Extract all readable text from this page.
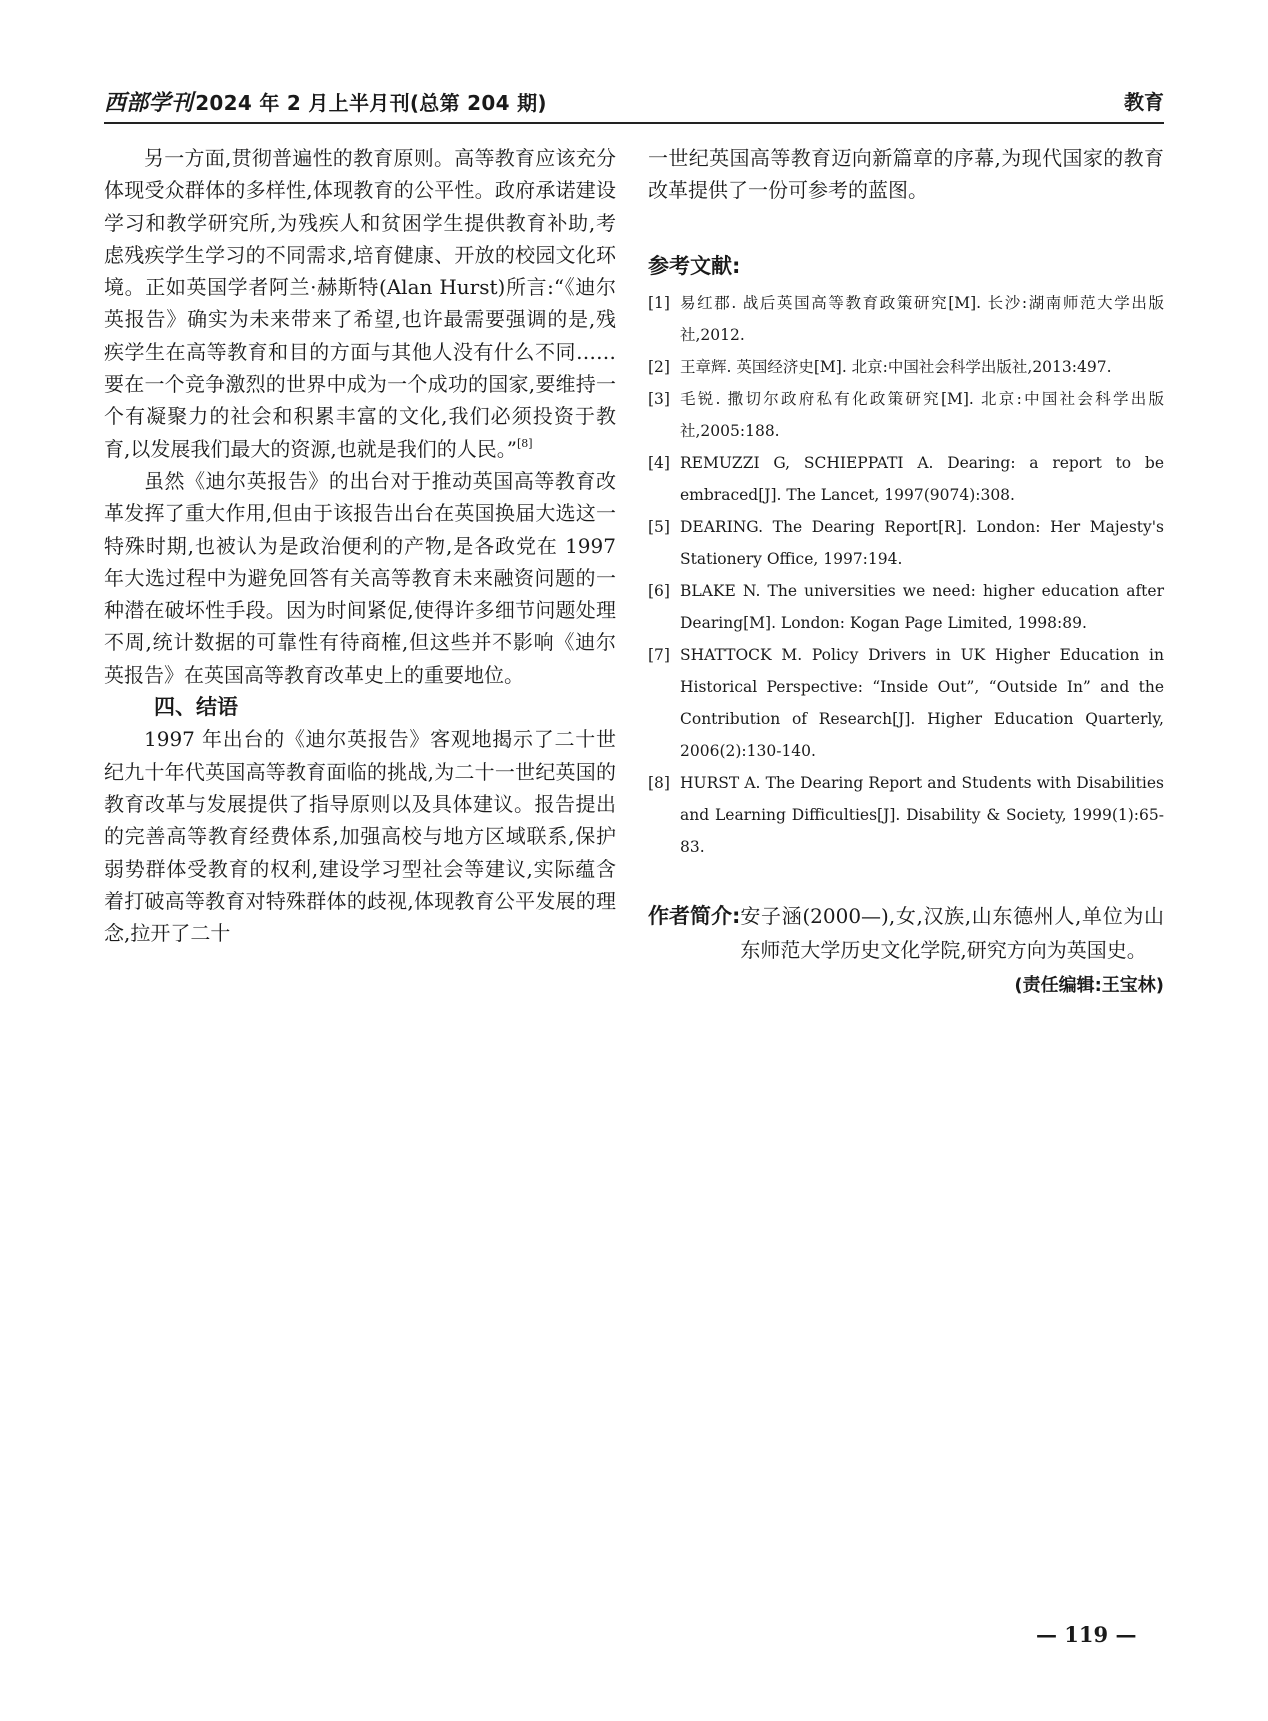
西部学刊 2024 年 2 月上半月刊(总第 204 期)	教育

另一方面,贯彻普遍性的教育原则。高等教育应该充分体现受众群体的多样性,体现教育的公平性。政府承诺建设学习和教学研究所,为残疾人和贫困学生提供教育补助,考虑残疾学生学习的不同需求,培育健康、开放的校园文化环境。正如英国学者阿兰·赫斯特(Alan Hurst)所言:“《迪尔英报告》确实为未来带来了希望,也许最需要强调的是,残疾学生在高等教育和目的方面与其他人没有什么不同……要在一个竞争激烈的世界中成为一个成功的国家,要维持一个有凝聚力的社会和积累丰富的文化,我们必须投资于教育,以发展我们最大的资源,也就是我们的人民。”[8]

虽然《迪尔英报告》的出台对于推动英国高等教育改革发挥了重大作用,但由于该报告出台在英国换届大选这一特殊时期,也被认为是政治便利的产物,是各政党在 1997 年大选过程中为避免回答有关高等教育未来融资问题的一种潜在破坏性手段。因为时间紧促,使得许多细节问题处理不周,统计数据的可靠性有待商榷,但这些并不影响《迪尔英报告》在英国高等教育改革史上的重要地位。

四、结语

1997 年出台的《迪尔英报告》客观地揭示了二十世纪九十年代英国高等教育面临的挑战,为二十一世纪英国的教育改革与发展提供了指导原则以及具体建议。报告提出的完善高等教育经费体系,加强高校与地方区域联系,保护弱势群体受教育的权利,建设学习型社会等建议,实际蕴含着打破高等教育对特殊群体的歧视,体现教育公平发展的理念,拉开了二十

一世纪英国高等教育迈向新篇章的序幕,为现代国家的教育改革提供了一份可参考的蓝图。

参考文献:
[1] 易红郡. 战后英国高等教育政策研究[M]. 长沙:湖南师范大学出版社,2012.
[2] 王章辉. 英国经济史[M]. 北京:中国社会科学出版社,2013:497.
[3] 毛锐. 撒切尔政府私有化政策研究[M]. 北京:中国社会科学出版社,2005:188.
[4] REMUZZI G, SCHIEPPATI A. Dearing: a report to be embraced[J]. The Lancet, 1997(9074):308.
[5] DEARING. The Dearing Report[R]. London: Her Majesty's Stationery Office, 1997:194.
[6] BLAKE N. The universities we need: higher education after Dearing[M]. London: Kogan Page Limited, 1998:89.
[7] SHATTOCK M. Policy Drivers in UK Higher Education in Historical Perspective: “Inside Out”, “Outside In” and the Contribution of Research[J]. Higher Education Quarterly, 2006(2):130-140.
[8] HURST A. The Dearing Report and Students with Disabilities and Learning Difficulties[J]. Disability & Society, 1999(1):65-83.
作者简介: 安子涵(2000—),女,汉族,山东德州人,单位为山东师范大学历史文化学院,研究方向为英国史。
(责任编辑:王宝林)
— 119 —
